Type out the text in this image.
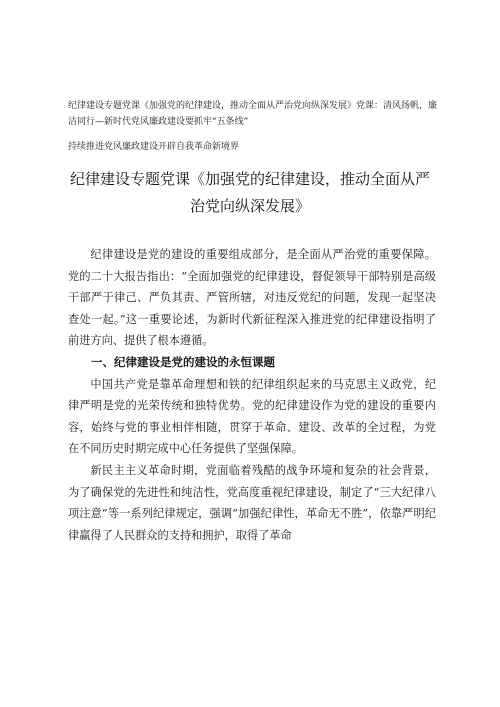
纪律建设专题党课《加强党的纪律建设，推动全面从严治党向纵深发展》党课：清风扬帆，廉洁同行—新时代党风廉政建设要抓牢“五条线”

持续推进党风廉政建设开辟自我革命新境界

纪律建设专题党课《加强党的纪律建设，推动全面从严
治党向纵深发展》

纪律建设是党的建设的重要组成部分，是全面从严治党的重要保障。党的二十大报告指出：“全面加强党的纪律建设，督促领导干部特别是高级干部严于律己、严负其责、严管所辖，对违反党纪的问题，发现一起坚决查处一起。”这一重要论述，为新时代新征程深入推进党的纪律建设指明了前进方向、提供了根本遵循。

一、纪律建设是党的建设的永恒课题

中国共产党是靠革命理想和铁的纪律组织起来的马克思主义政党，纪律严明是党的光荣传统和独特优势。党的纪律建设作为党的建设的重要内容，始终与党的事业相伴相随，贯穿于革命、建设、改革的全过程，为党在不同历史时期完成中心任务提供了坚强保障。

新民主主义革命时期，党面临着残酷的战争环境和复杂的社会背景，为了确保党的先进性和纯洁性，党高度重视纪律建设，制定了“三大纪律八项注意”等一系列纪律规定，强调“加强纪律性，革命无不胜”，依靠严明纪律赢得了人民群众的支持和拥护，取得了革命
